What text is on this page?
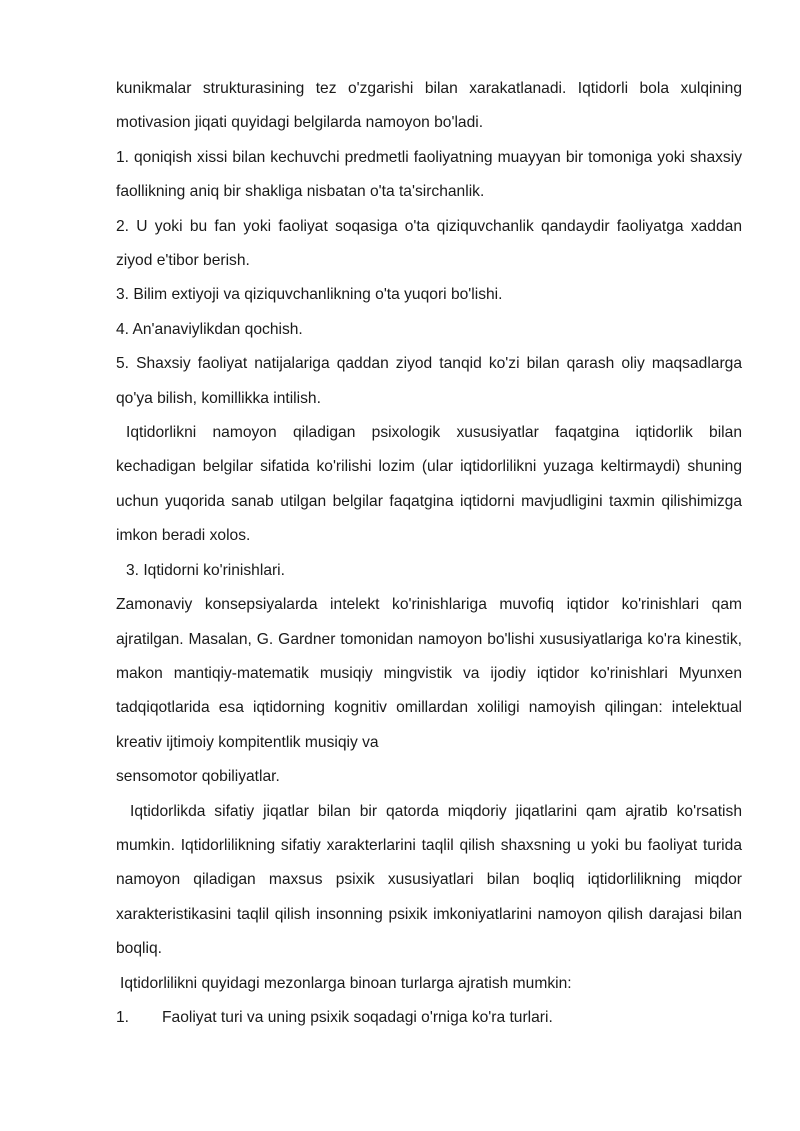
kunikmalar strukturasining tez o'zgarishi bilan xarakatlanadi. Iqtidorli bola xulqining motivasion jiqati quyidagi belgilarda namoyon bo'ladi.

1. qoniqish xissi bilan kechuvchi predmetli faoliyatning muayyan bir tomoniga yoki shaxsiy faollikning aniq bir shakliga nisbatan o'ta ta'sirchanlik.

2. U yoki bu fan yoki faoliyat soqasiga o'ta qiziquvchanlik qandaydir faoliyatga xaddan ziyod e'tibor berish.

3. Bilim extiyoji va qiziquvchanlikning o'ta yuqori bo'lishi.

4. An'anaviylikdan qochish.

5. Shaxsiy faoliyat natijalariga qaddan ziyod tanqid ko'zi bilan qarash oliy maqsadlarga qo'ya bilish, komillikka intilish.

Iqtidorlikni namoyon qiladigan psixologik xususiyatlar faqatgina iqtidorlik bilan kechadigan belgilar sifatida ko'rilishi lozim (ular iqtidorlilikni yuzaga keltirmaydi) shuning uchun yuqorida sanab utilgan belgilar faqatgina iqtidorni mavjudligini taxmin qilishimizga imkon beradi xolos.

3. Iqtidorni ko'rinishlari.

Zamonaviy konsepsiyalarda intelekt ko'rinishlariga muvofiq iqtidor ko'rinishlari qam ajratilgan. Masalan, G. Gardner tomonidan namoyon bo'lishi xususiyatlariga ko'ra kinestik, makon mantiqiy-matematik musiqiy mingvistik va ijodiy iqtidor ko'rinishlari Myunxen tadqiqotlarida esa iqtidorning kognitiv omillardan xoliligi namoyish qilingan: intelektual kreativ ijtimoiy kompitentlik musiqiy va

sensomotor qobiliyatlar.

Iqtidorlikda sifatiy jiqatlar bilan bir qatorda miqdoriy jiqatlarini qam ajratib ko'rsatish mumkin. Iqtidorlilikning sifatiy xarakterlarini taqlil qilish shaxsning u yoki bu faoliyat turida namoyon qiladigan maxsus psixik xususiyatlari bilan boqliq iqtidorlilikning miqdor xarakteristikasini taqlil qilish insonning psixik imkoniyatlarini namoyon qilish darajasi bilan boqliq.

Iqtidorlilikni quyidagi mezonlarga binoan turlarga ajratish mumkin:

1.	Faoliyat turi va uning psixik soqadagi o'rniga ko'ra turlari.
